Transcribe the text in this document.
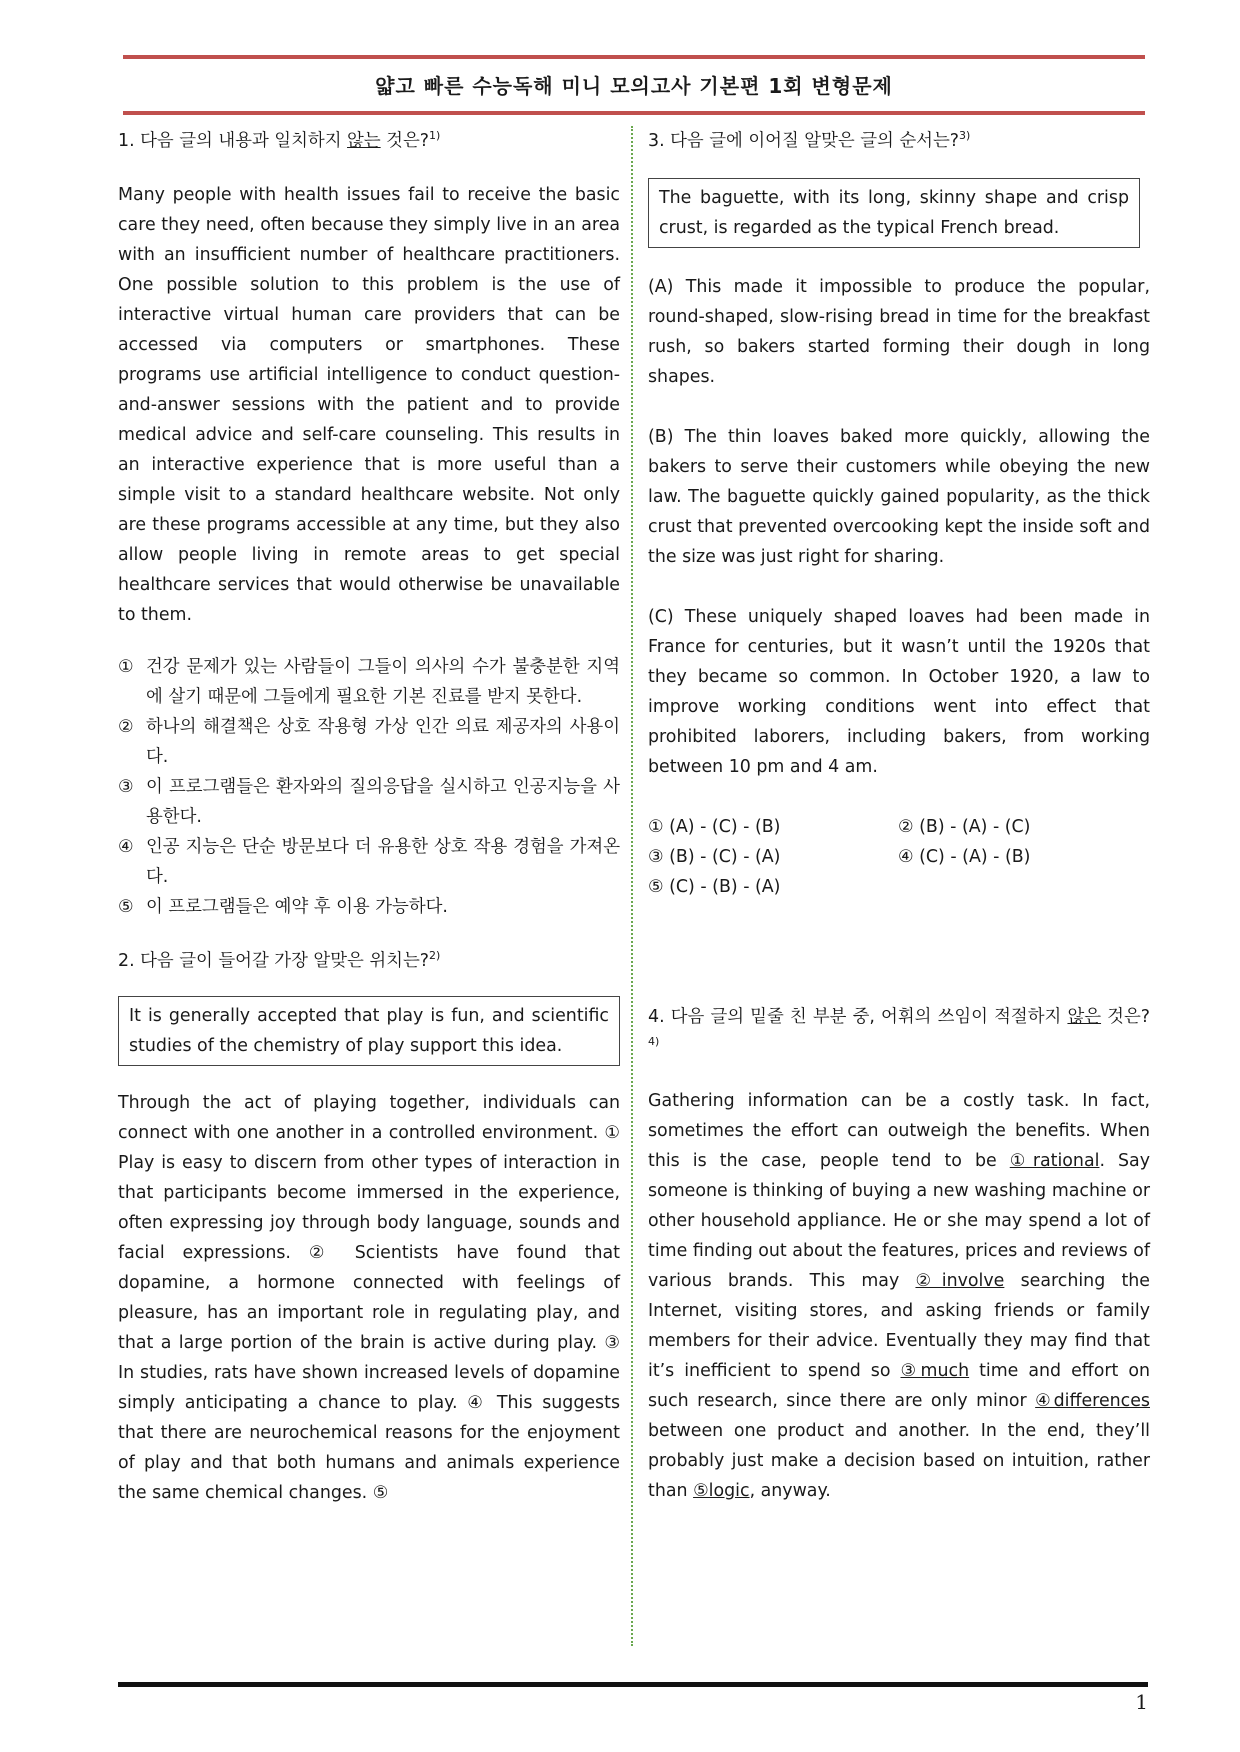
얇고 빠른 수능독해 미니 모의고사 기본편 1회 변형문제

1. 다음 글의 내용과 일치하지 않는 것은?$^{1)}$

Many people with health issues fail to receive the basic care they need, often because they simply live in an area with an insufficient number of healthcare practitioners. One possible solution to this problem is the use of interactive virtual human care providers that can be accessed via computers or smartphones. These programs use artificial intelligence to conduct question-and-answer sessions with the patient and to provide medical advice and self-care counseling. This results in an interactive experience that is more useful than a simple visit to a standard healthcare website. Not only are these programs accessible at any time, but they also allow people living in remote areas to get special healthcare services that would otherwise be unavailable to them.

① 건강 문제가 있는 사람들이 그들이 의사의 수가 불충분한 지역에 살기 때문에 그들에게 필요한 기본 진료를 받지 못한다.
② 하나의 해결책은 상호 작용형 가상 인간 의료 제공자의 사용이다.
③ 이 프로그램들은 환자와의 질의응답을 실시하고 인공지능을 사용한다.
④ 인공 지능은 단순 방문보다 더 유용한 상호 작용 경험을 가져온다.
⑤ 이 프로그램들은 예약 후 이용 가능하다.

2. 다음 글이 들어갈 가장 알맞은 위치는?$^{2)}$

It is generally accepted that play is fun, and scientific studies of the chemistry of play support this idea.

Through the act of playing together, individuals can connect with one another in a controlled environment. ① Play is easy to discern from other types of interaction in that participants become immersed in the experience, often expressing joy through body language, sounds and facial expressions. ② Scientists have found that dopamine, a hormone connected with feelings of pleasure, has an important role in regulating play, and that a large portion of the brain is active during play. ③ In studies, rats have shown increased levels of dopamine simply anticipating a chance to play. ④ This suggests that there are neurochemical reasons for the enjoyment of play and that both humans and animals experience the same chemical changes. ⑤

3. 다음 글에 이어질 알맞은 글의 순서는?$^{3)}$

The baguette, with its long, skinny shape and crisp crust, is regarded as the typical French bread.

(A) This made it impossible to produce the popular, round-shaped, slow-rising bread in time for the breakfast rush, so bakers started forming their dough in long shapes.

(B) The thin loaves baked more quickly, allowing the bakers to serve their customers while obeying the new law. The baguette quickly gained popularity, as the thick crust that prevented overcooking kept the inside soft and the size was just right for sharing.

(C) These uniquely shaped loaves had been made in France for centuries, but it wasn’t until the 1920s that they became so common. In October 1920, a law to improve working conditions went into effect that prohibited laborers, including bakers, from working between 10 pm and 4 am.

① (A) - (C) - (B)	② (B) - (A) - (C)
③ (B) - (C) - (A)	④ (C) - (A) - (B)
⑤ (C) - (B) - (A)

4. 다음 글의 밑줄 친 부분 중, 어휘의 쓰임이 적절하지 않은 것은?$^{4)}$

Gathering information can be a costly task. In fact, sometimes the effort can outweigh the benefits. When this is the case, people tend to be ①rational. Say someone is thinking of buying a new washing machine or other household appliance. He or she may spend a lot of time finding out about the features, prices and reviews of various brands. This may ②involve searching the Internet, visiting stores, and asking friends or family members for their advice. Eventually they may find that it’s inefficient to spend so ③much time and effort on such research, since there are only minor ④differences between one product and another. In the end, they’ll probably just make a decision based on intuition, rather than ⑤logic, anyway.

1
